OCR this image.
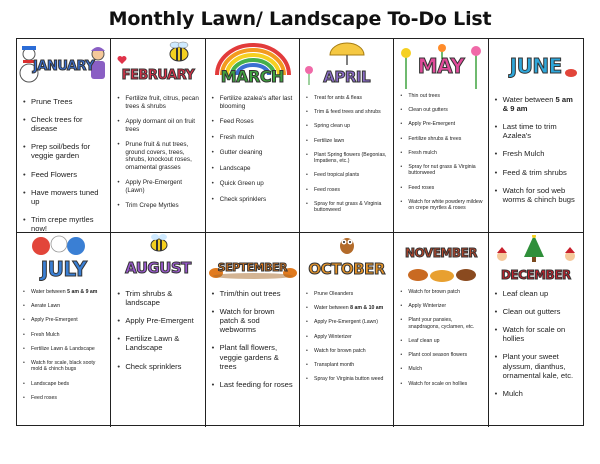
Monthly Lawn/ Landscape To-Do List
JANUARY
• Prune Trees
• Check trees for disease
• Prep soil/beds for veggie garden
• Feed Flowers
• Have mowers tuned up
• Trim crepe myrtles now!
FEBRUARY
• Fertilize fruit, citrus, pecan trees & shrubs
• Apply dormant oil on fruit trees
• Prune fruit & nut trees, ground covers, trees, shrubs, knockout roses, ornamental grasses
• Apply Pre-Emergent (Lawn)
• Trim Crepe Myrtles
MARCH
• Fertilize azalea's after last blooming
• Feed Roses
• Fresh mulch
• Gutter cleaning
• Landscape
• Quick Green up
• Check sprinklers
APRIL
• Treat for ants & fleas
• Trim & feed trees and shrubs
• Spring clean up
• Fertilize lawn
• Plant Spring flowers (Begonias, Impatiens, etc.)
• Feed tropical plants
• Feed roses
• Spray for nut grass & Virginia buttonweed
MAY
• Thin out trees
• Clean out gutters
• Apply Pre-Emergent
• Fertilize shrubs & trees
• Fresh mulch
• Spray for nut grass & Virginia buttonweed
• Feed roses
• Watch for white powdery mildew on crepe myrtles & roses
JUNE
• Water between 5 am & 9 am
• Last time to trim Azalea's
• Fresh Mulch
• Feed & trim shrubs
• Watch for sod web worms & chinch bugs
JULY
• Water between 5 am & 9 am
• Aerate Lawn
• Apply Pre-Emergent
• Fresh Mulch
• Fertilize Lawn & Landscape
• Watch for scale, black sooty mold & chinch bugs
• Landscape beds
• Feed roses
AUGUST
• Trim shrubs & landscape
• Apply Pre-Emergent
• Fertilize Lawn & Landscape
• Check sprinklers
SEPTEMBER
• Trim/thin out trees
• Watch for brown patch & sod webworms
• Plant fall flowers, veggie gardens & trees
• Last feeding for roses
OCTOBER
• Prune Oleanders
• Water between 8 am & 10 am
• Apply Pre-Emergent (Lawn)
• Apply Winterizer
• Watch for brown patch
• Transplant month
• Spray for Virginia button weed
NOVEMBER
• Watch for brown patch
• Apply Winterizer
• Plant your pansies, snapdragons, cyclamen, etc.
• Leaf clean up
• Plant cool season flowers
• Mulch
• Watch for scale on hollies
DECEMBER
• Leaf clean up
• Clean out gutters
• Watch for scale on hollies
• Plant your sweet alyssum, dianthus, ornamental kale, etc.
• Mulch
